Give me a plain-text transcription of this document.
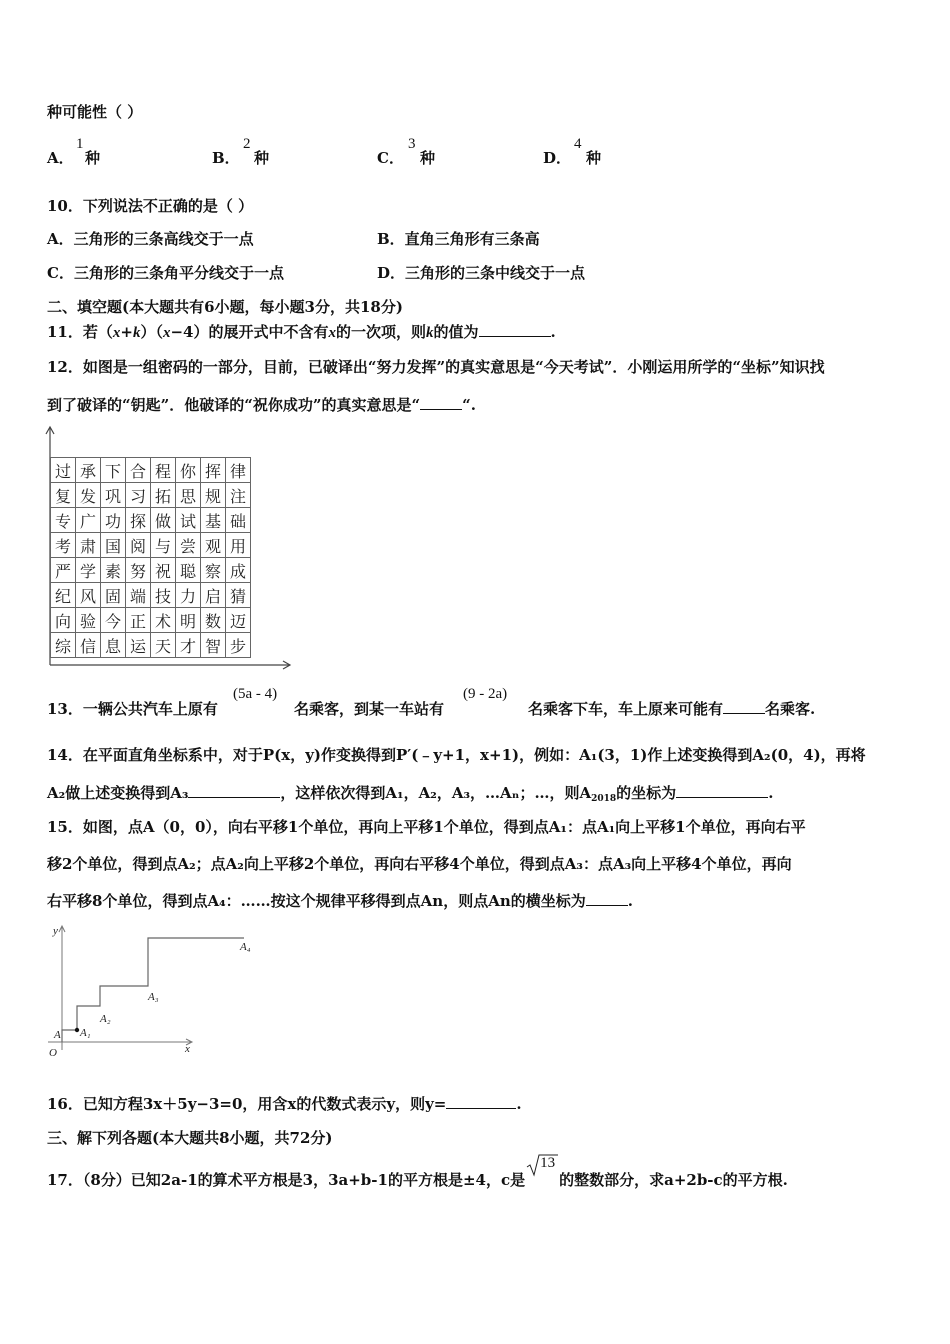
种可能性（ ）
A．
1
种	B．
2
种	C．
3
种	D．
4
种
10．下列说法不正确的是（ ）
A．三角形的三条高线交于一点	B．直角三角形有三条高
C．三角形的三条角平分线交于一点	D．三角形的三条中线交于一点
二、填空题(本大题共有6小题，每小题3分，共18分)
11．若（x+k）（x−4）的展开式中不含有x的一次项，则k的值为	.
12．如图是一组密码的一部分，目前，已破译出“努力发挥”的真实意思是“今天考试”．小刚运用所学的“坐标”知识找
到了破译的“钥匙”．他破译的“祝你成功”的真实意思是“	“.
过	承	下	合	程	你	挥	律
复	发	巩	习	拓	思	规	注
专	广	功	探	做	试	基	础
考	肃	国	阅	与	尝	观	用
严	学	素	努	祝	聪	察	成
纪	风	固	端	技	力	启	猜
向	验	今	正	术	明	数	迈
综	信	息	运	天	才	智	步
13．一辆公共汽车上原有
(5a - 4)
名乘客，到某一车站有
(9 - 2a)
名乘客下车，车上原来可能有	名乘客.
14．在平面直角坐标系中，对于P(x，y)作变换得到P′(﹣y+1，x+1)，例如：A₁(3，1)作上述变换得到A₂(0，4)，再将
A₂做上述变换得到A₃	，这样依次得到A₁，A₂，A₃，…Aₙ；…，则$A_{2018}$的坐标为	.
15．如图，点A（0，0），向右平移1个单位，再向上平移1个单位，得到点A₁：点A₁向上平移1个单位，再向右平
移2个单位，得到点A₂；点A₂向上平移2个单位，再向右平移4个单位，得到点A₃：点A₃向上平移4个单位，再向
右平移8个单位，得到点A₄：……按这个规律平移得到点An，则点An的横坐标为	.
y
x
O
A A₁
A₂
A₃
A₄
16．已知方程3x＋5y−3=0，用含x的代数式表示y，则y=	.
三、解下列各题(本大题共8小题，共72分)
17．（8分）已知2a-1的算术平方根是3，3a+b-1的平方根是±4，c是
13
的整数部分，求a+2b-c的平方根.
